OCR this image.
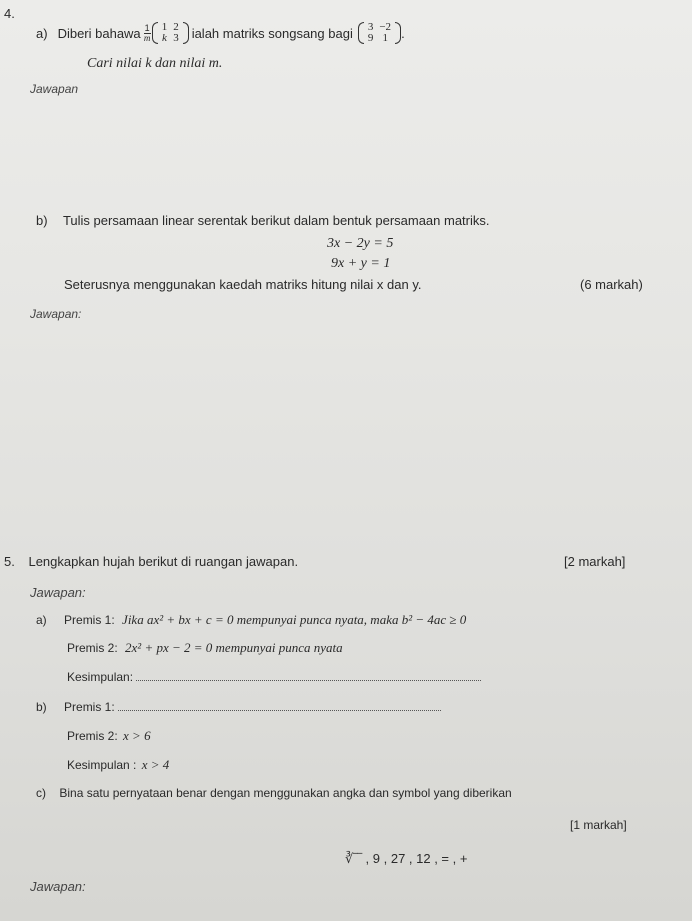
4.
a) Diberi bahawa $\frac{1}{m} 1$	2
k	3 ialah matriks songsang bagi 3	−2
9	1 .
Cari nilai k dan nilai m.
Jawapan
b) Tulis persamaan linear serentak berikut dalam bentuk persamaan matriks.
3x − 2y = 5
9x + y = 1
Seterusnya menggunakan kaedah matriks hitung nilai x dan y.	(6 markah)
Jawapan:
5. Lengkapkan hujah berikut di ruangan jawapan.	[2 markah]
Jawapan:
a) Premis 1: Jika ax² + bx + c = 0 mempunyai punca nyata, maka b² − 4ac ≥ 0
Premis 2: 2x² + px − 2 = 0 mempunyai punca nyata
Kesimpulan:
b) Premis 1:
Premis 2: x > 6
Kesimpulan : x > 4
c) Bina satu pernyataan benar dengan menggunakan angka dan symbol yang diberikan
[1 markah]
∛‾‾ , 9 , 27 , 12 , = , +
Jawapan:
